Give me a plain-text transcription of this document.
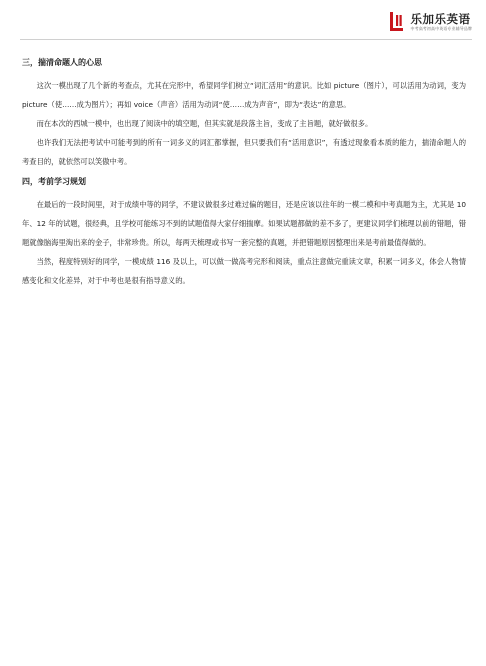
乐加乐英语
中考高考初高中英语专业辅导品牌
三，揣清命题人的心思

这次一模出现了几个新的考查点，尤其在完形中，希望同学们树立“词汇活用”的意识。比如 picture（图片），可以活用为动词，变为 picture（使……成为图片）；再如 voice（声音）活用为动词“使……成为声音”，即为“表达”的意思。

而在本次的西城一模中，也出现了阅读中的填空题，但其实就是段落主旨，变成了主旨题，就好做很多。

也许我们无法把考试中可能考到的所有一词多义的词汇都掌握，但只要我们有“活用意识”，有透过现象看本质的能力，揣清命题人的考查目的，就依然可以笑傲中考。

四，考前学习规划

在最后的一段时间里，对于成绩中等的同学，不建议做很多过难过偏的题目，还是应该以往年的一模二模和中考真题为主，尤其是 10 年、12 年的试题，很经典，且学校可能练习不到的试题值得大家仔细揣摩。如果试题都做的差不多了，更建议同学们梳理以前的错题，错题就像脑海里淘出来的金子，非常珍贵。所以，每两天梳理或书写一套完整的真题，并把错题原因整理出来是考前最值得做的。

当然，程度特别好的同学，一模成绩 116 及以上，可以做一做高考完形和阅读，重点注意做完重读文章，积累一词多义，体会人物情感变化和文化差异，对于中考也是很有指导意义的。
